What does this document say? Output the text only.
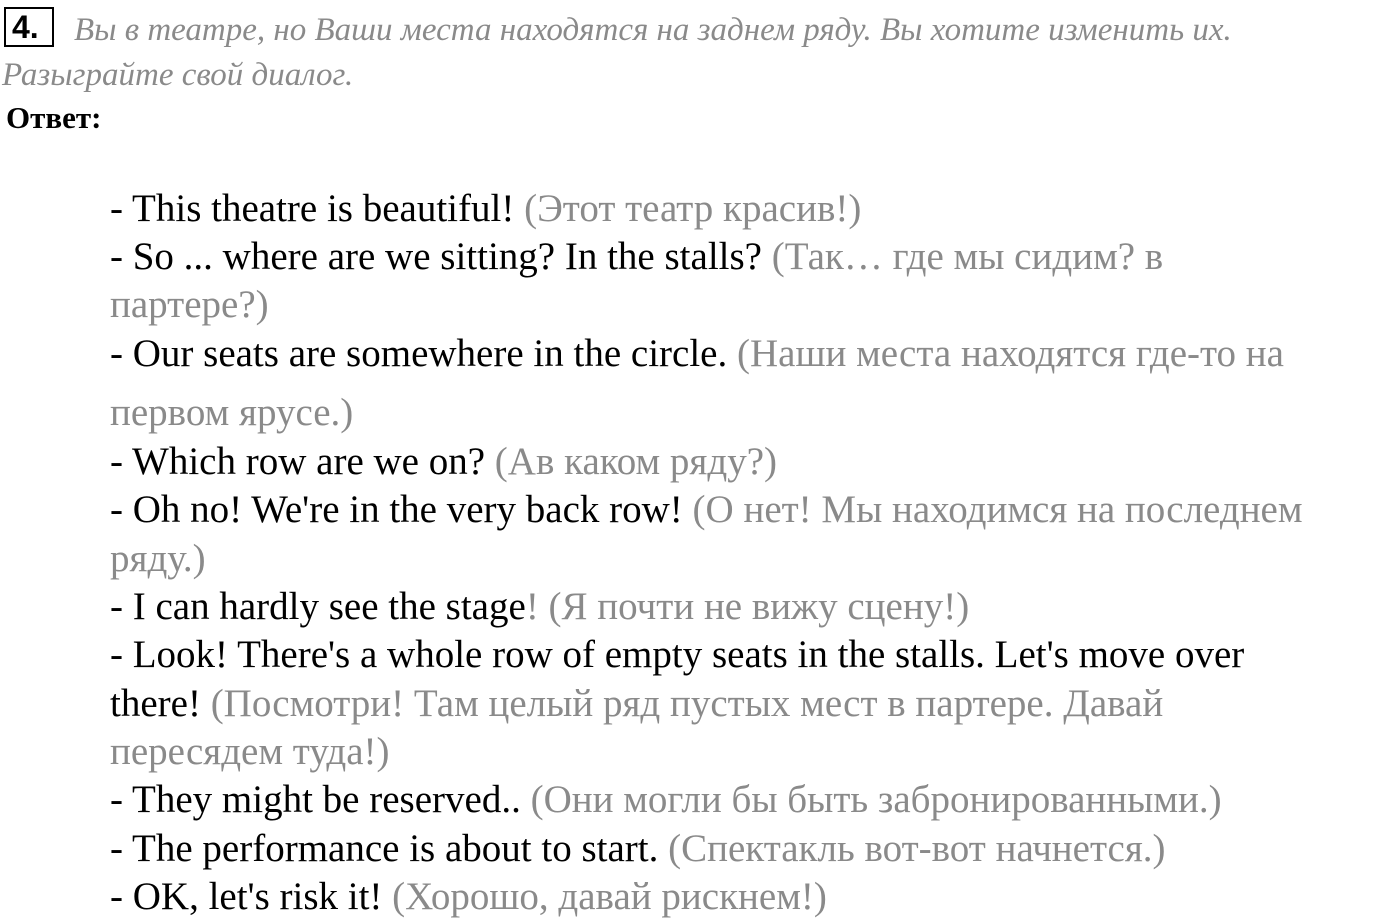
4.	Вы в театре, но Ваши места находятся на заднем ряду. Вы хотите изменить их.
Разыграйте свой диалог.
Ответ:
- This theatre is beautiful! (Этот театр красив!)
- So ... where are we sitting? In the stalls? (Так… где мы сидим? в
партере?)
- Our seats are somewhere in the circle. (Наши места находятся где-то на
первом ярусе.)
- Which row are we on? (Ав каком ряду?)
- Oh no! We're in the very back row! (О нет! Мы находимся на последнем
ряду.)
- I can hardly see the stage! (Я почти не вижу сцену!)
- Look! There's a whole row of empty seats in the stalls. Let's move over
there! (Посмотри! Там целый ряд пустых мест в партере. Давай
пересядем туда!)
- They might be reserved.. (Они могли бы быть забронированными.)
- The performance is about to start. (Спектакль вот-вот начнется.)
- OK, let's risk it! (Хорошо, давай рискнем!)
